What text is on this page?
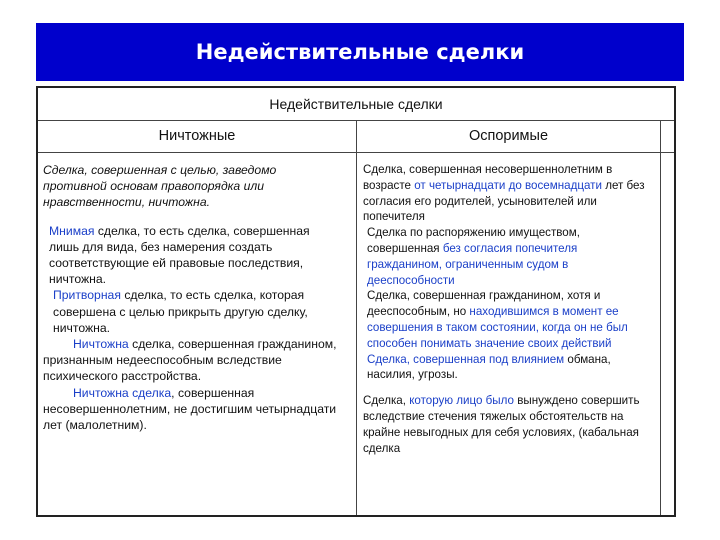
Недействительные сделки
Недействительные сделки
Ничтожные	Оспоримые

Сделка, совершенная с целью, заведомо противной основам правопорядка или нравственности, ничтожна.

Мнимая сделка, то есть сделка, совершенная лишь для вида, без намерения создать соответствующие ей правовые последствия, ничтожна.

Притворная сделка, то есть сделка, которая совершена с целью прикрыть другую сделку, ничтожна.

Ничтожна сделка, совершенная гражданином, признанным недееспособным вследствие психического расстройства.

Ничтожна сделка, совершенная несовершеннолетним, не достигшим четырнадцати лет (малолетним).

Сделка, совершенная несовершеннолетним в возрасте от четырнадцати до восемнадцати лет без согласия его родителей, усыновителей или попечителя

Сделка по распоряжению имуществом, совершенная без согласия попечителя гражданином, ограниченным судом в дееспособности

Сделка, совершенная гражданином, хотя и дееспособным, но находившимся в момент ее совершения в таком состоянии, когда он не был способен понимать значение своих действий

Сделка, совершенная под влиянием обмана, насилия, угрозы.

Сделка, которую лицо было вынуждено совершить вследствие стечения тяжелых обстоятельств на крайне невыгодных для себя условиях, (кабальная сделка
